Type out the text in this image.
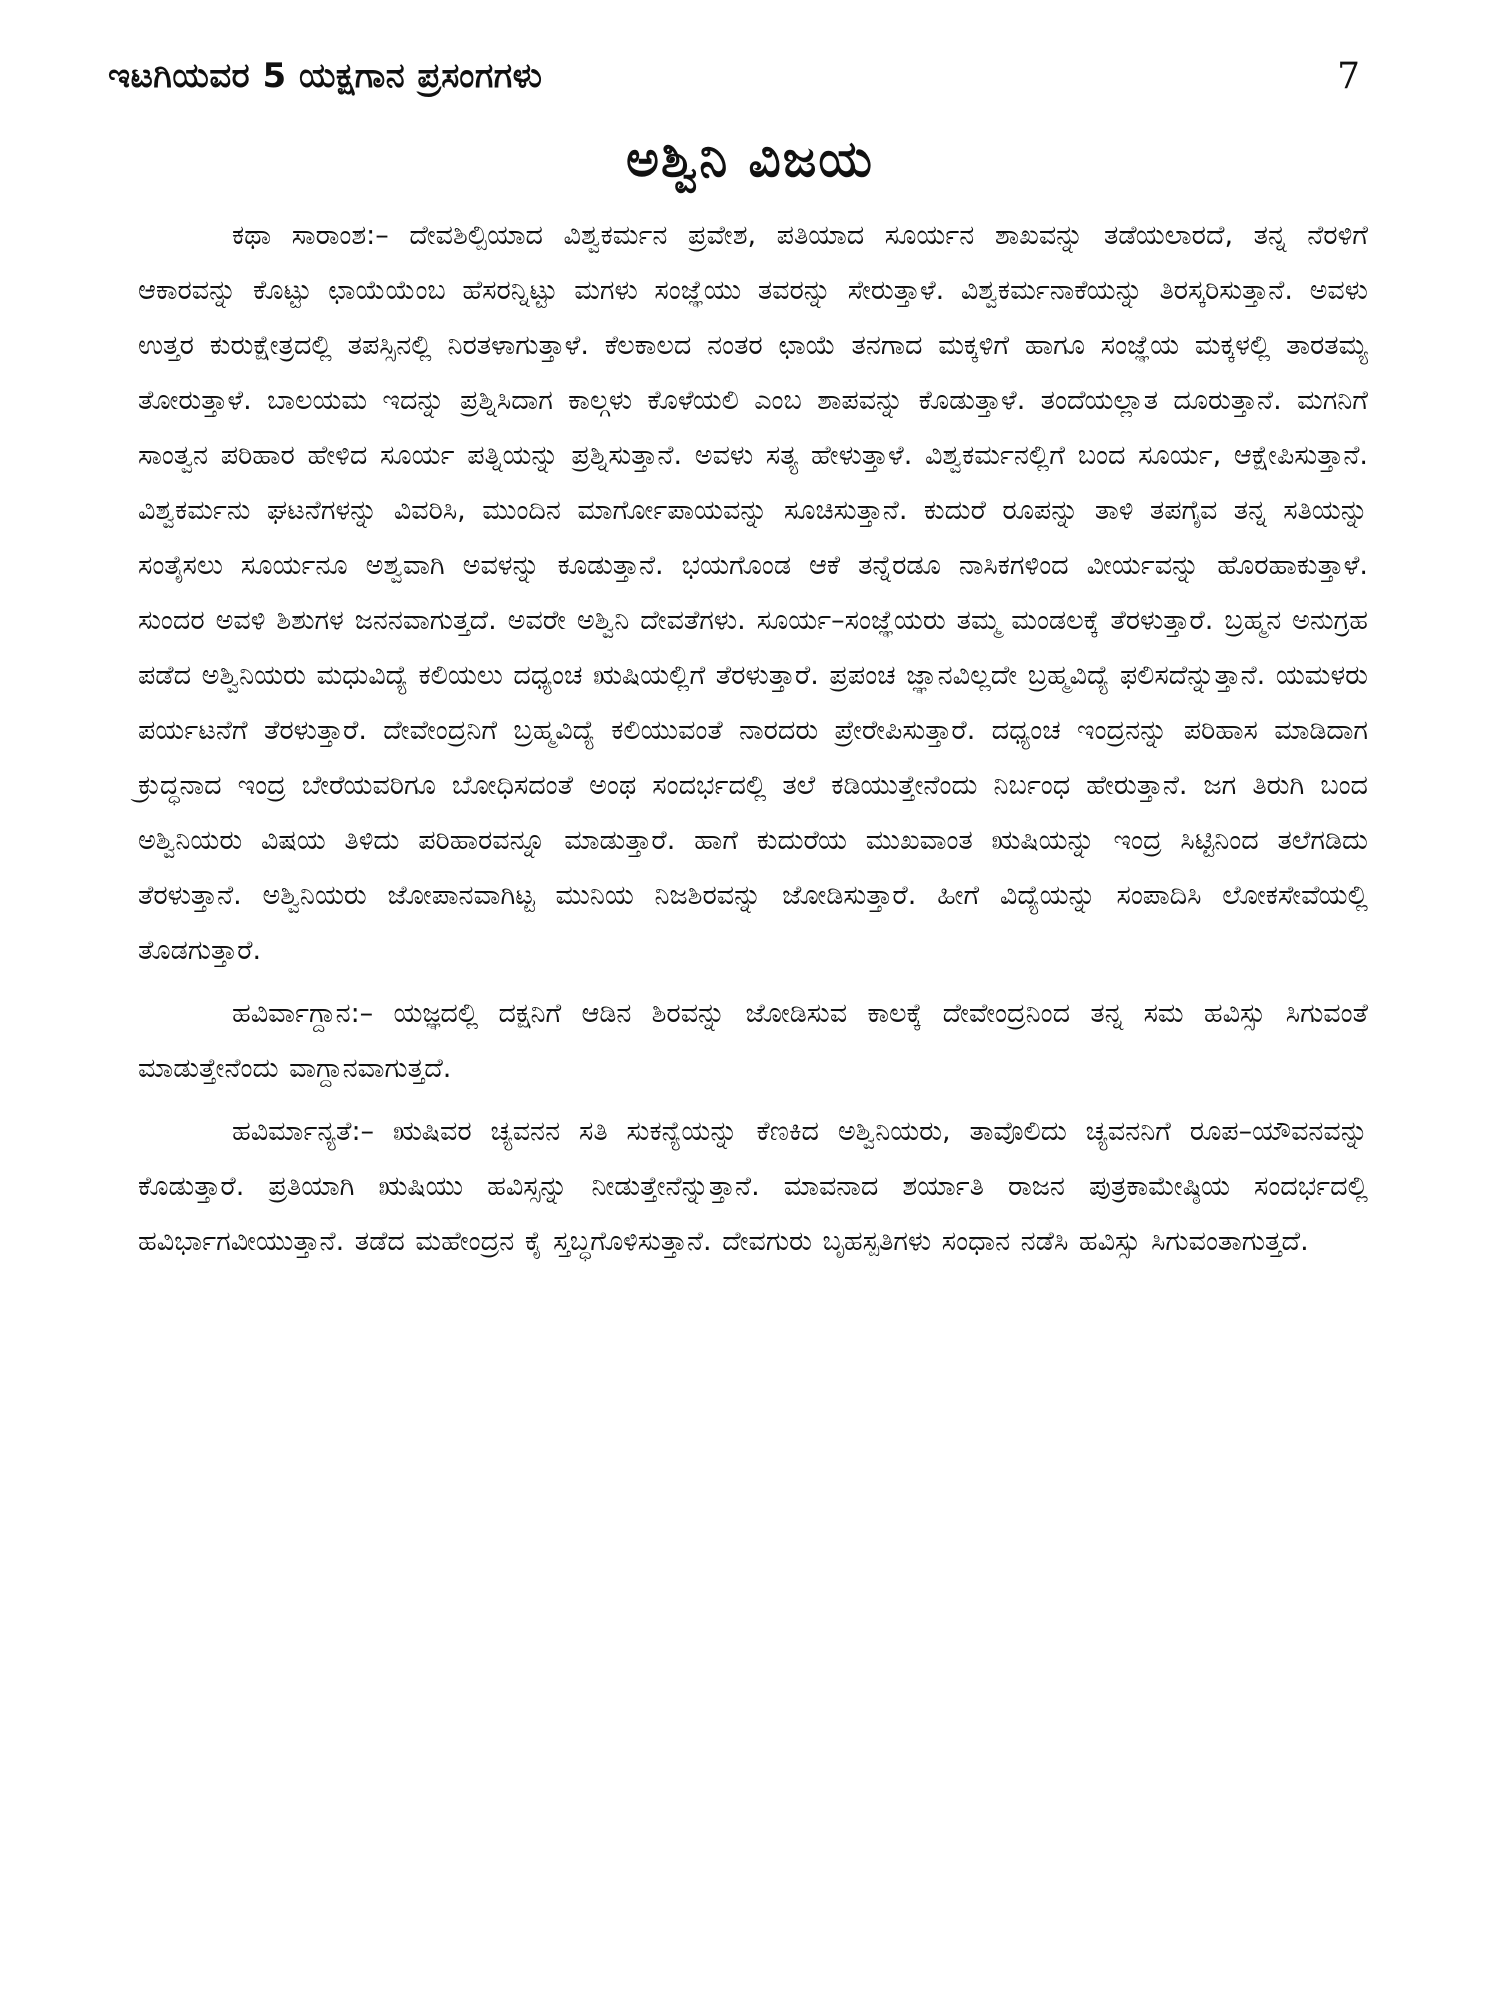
ಇಟಗಿಯವರ 5 ಯಕ್ಷಗಾನ ಪ್ರಸಂಗಗಳು	7
ಅಶ್ವಿನಿ ವಿಜಯ

ಕಥಾ ಸಾರಾಂಶ:– ದೇವಶಿಲ್ಪಿಯಾದ ವಿಶ್ವಕರ್ಮನ ಪ್ರವೇಶ, ಪತಿಯಾದ ಸೂರ್ಯನ ಶಾಖವನ್ನು ತಡೆಯಲಾರದೆ, ತನ್ನ ನೆರಳಿಗೆ ಆಕಾರವನ್ನು ಕೊಟ್ಟು ಛಾಯೆಯೆಂಬ ಹೆಸರನ್ನಿಟ್ಟು ಮಗಳು ಸಂಜ್ಞೆಯು ತವರನ್ನು ಸೇರುತ್ತಾಳೆ. ವಿಶ್ವಕರ್ಮನಾಕೆಯನ್ನು ತಿರಸ್ಕರಿಸುತ್ತಾನೆ. ಅವಳು ಉತ್ತರ ಕುರುಕ್ಷೇತ್ರದಲ್ಲಿ ತಪಸ್ಸಿನಲ್ಲಿ ನಿರತಳಾಗುತ್ತಾಳೆ. ಕೆಲಕಾಲದ ನಂತರ ಛಾಯೆ ತನಗಾದ ಮಕ್ಕಳಿಗೆ ಹಾಗೂ ಸಂಜ್ಞೆಯ ಮಕ್ಕಳಲ್ಲಿ ತಾರತಮ್ಯ ತೋರುತ್ತಾಳೆ. ಬಾಲಯಮ ಇದನ್ನು ಪ್ರಶ್ನಿಸಿದಾಗ ಕಾಲ್ಗಳು ಕೊಳೆಯಲಿ ಎಂಬ ಶಾಪವನ್ನು ಕೊಡುತ್ತಾಳೆ. ತಂದೆಯಲ್ಲಾತ ದೂರುತ್ತಾನೆ. ಮಗನಿಗೆ ಸಾಂತ್ವನ ಪರಿಹಾರ ಹೇಳಿದ ಸೂರ್ಯ ಪತ್ನಿಯನ್ನು ಪ್ರಶ್ನಿಸುತ್ತಾನೆ. ಅವಳು ಸತ್ಯ ಹೇಳುತ್ತಾಳೆ. ವಿಶ್ವಕರ್ಮನಲ್ಲಿಗೆ ಬಂದ ಸೂರ್ಯ, ಆಕ್ಷೇಪಿಸುತ್ತಾನೆ. ವಿಶ್ವಕರ್ಮನು ಘಟನೆಗಳನ್ನು ವಿವರಿಸಿ, ಮುಂದಿನ ಮಾರ್ಗೋಪಾಯವನ್ನು ಸೂಚಿಸುತ್ತಾನೆ. ಕುದುರೆ ರೂಪನ್ನು ತಾಳಿ ತಪಗೈವ ತನ್ನ ಸತಿಯನ್ನು ಸಂತೈಸಲು ಸೂರ್ಯನೂ ಅಶ್ವವಾಗಿ ಅವಳನ್ನು ಕೂಡುತ್ತಾನೆ. ಭಯಗೊಂಡ ಆಕೆ ತನ್ನೆರಡೂ ನಾಸಿಕಗಳಿಂದ ವೀರ್ಯವನ್ನು ಹೊರಹಾಕುತ್ತಾಳೆ. ಸುಂದರ ಅವಳಿ ಶಿಶುಗಳ ಜನನವಾಗುತ್ತದೆ. ಅವರೇ ಅಶ್ವಿನಿ ದೇವತೆಗಳು. ಸೂರ್ಯ–ಸಂಜ್ಞೆಯರು ತಮ್ಮ ಮಂಡಲಕ್ಕೆ ತೆರಳುತ್ತಾರೆ. ಬ್ರಹ್ಮನ ಅನುಗ್ರಹ ಪಡೆದ ಅಶ್ವಿನಿಯರು ಮಧುವಿದ್ಯೆ ಕಲಿಯಲು ದಧ್ಯಂಚ ಋಷಿಯಲ್ಲಿಗೆ ತೆರಳುತ್ತಾರೆ. ಪ್ರಪಂಚ ಜ್ಞಾನವಿಲ್ಲದೇ ಬ್ರಹ್ಮವಿದ್ಯೆ ಫಲಿಸದೆನ್ನುತ್ತಾನೆ. ಯಮಳರು ಪರ್ಯಟನೆಗೆ ತೆರಳುತ್ತಾರೆ. ದೇವೇಂದ್ರನಿಗೆ ಬ್ರಹ್ಮವಿದ್ಯೆ ಕಲಿಯುವಂತೆ ನಾರದರು ಪ್ರೇರೇಪಿಸುತ್ತಾರೆ. ದಧ್ಯಂಚ ಇಂದ್ರನನ್ನು ಪರಿಹಾಸ ಮಾಡಿದಾಗ ಕ್ರುದ್ಧನಾದ ಇಂದ್ರ ಬೇರೆಯವರಿಗೂ ಬೋಧಿಸದಂತೆ ಅಂಥ ಸಂದರ್ಭದಲ್ಲಿ ತಲೆ ಕಡಿಯುತ್ತೇನೆಂದು ನಿರ್ಬಂಧ ಹೇರುತ್ತಾನೆ. ಜಗ ತಿರುಗಿ ಬಂದ ಅಶ್ವಿನಿಯರು ವಿಷಯ ತಿಳಿದು ಪರಿಹಾರವನ್ನೂ ಮಾಡುತ್ತಾರೆ. ಹಾಗೆ ಕುದುರೆಯ ಮುಖವಾಂತ ಋಷಿಯನ್ನು ಇಂದ್ರ ಸಿಟ್ಟಿನಿಂದ ತಲೆಗಡಿದು ತೆರಳುತ್ತಾನೆ. ಅಶ್ವಿನಿಯರು ಜೋಪಾನವಾಗಿಟ್ಟ ಮುನಿಯ ನಿಜಶಿರವನ್ನು ಜೋಡಿಸುತ್ತಾರೆ. ಹೀಗೆ ವಿದ್ಯೆಯನ್ನು ಸಂಪಾದಿಸಿ ಲೋಕಸೇವೆಯಲ್ಲಿ ತೊಡಗುತ್ತಾರೆ.

ಹವಿರ್ವಾಗ್ದಾನ:– ಯಜ್ಞದಲ್ಲಿ ದಕ್ಷನಿಗೆ ಆಡಿನ ಶಿರವನ್ನು ಜೋಡಿಸುವ ಕಾಲಕ್ಕೆ ದೇವೇಂದ್ರನಿಂದ ತನ್ನ ಸಮ ಹವಿಸ್ಸು ಸಿಗುವಂತೆ ಮಾಡುತ್ತೇನೆಂದು ವಾಗ್ದಾನವಾಗುತ್ತದೆ.

ಹವಿರ್ಮಾನ್ಯತೆ:– ಋಷಿವರ ಚ್ಯವನನ ಸತಿ ಸುಕನ್ಯೆಯನ್ನು ಕೆಣಕಿದ ಅಶ್ವಿನಿಯರು, ತಾವೊಲಿದು ಚ್ಯವನನಿಗೆ ರೂಪ–ಯೌವನವನ್ನು ಕೊಡುತ್ತಾರೆ. ಪ್ರತಿಯಾಗಿ ಋಷಿಯು ಹವಿಸ್ಸನ್ನು ನೀಡುತ್ತೇನೆನ್ನುತ್ತಾನೆ. ಮಾವನಾದ ಶರ್ಯಾತಿ ರಾಜನ ಪುತ್ರಕಾಮೇಷ್ಠಿಯ ಸಂದರ್ಭದಲ್ಲಿ ಹವಿರ್ಭಾಗವೀಯುತ್ತಾನೆ. ತಡೆದ ಮಹೇಂದ್ರನ ಕೈ ಸ್ತಬ್ಧಗೊಳಿಸುತ್ತಾನೆ. ದೇವಗುರು ಬೃಹಸ್ಪತಿಗಳು ಸಂಧಾನ ನಡೆಸಿ ಹವಿಸ್ಸು ಸಿಗುವಂತಾಗುತ್ತದೆ.
